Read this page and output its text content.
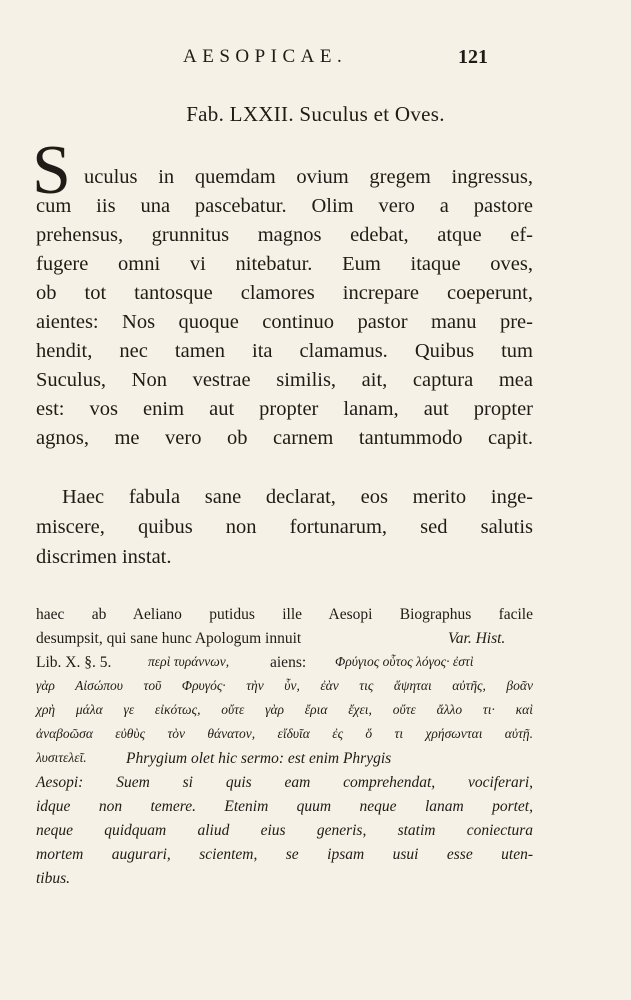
AESOPICAE.	121
Fab. LXXII. Suculus et Oves.
S uculus in quemdam ovium gregem ingressus,
cum iis una pascebatur. Olim vero a pastore
prehensus, grunnitus magnos edebat, atque ef-
fugere omni vi nitebatur. Eum itaque oves,
ob tot tantosque clamores increpare coeperunt,
aientes: Nos quoque continuo pastor manu pre-
hendit, nec tamen ita clamamus. Quibus tum
Suculus, Non vestrae similis, ait, captura mea
est: vos enim aut propter lanam, aut propter
agnos, me vero ob carnem tantummodo capit.
Haec fabula sane declarat, eos merito inge-
miscere, quibus non fortunarum, sed salutis
discrimen instat.
haec ab Aeliano putidus ille Aesopi Biographus facile
desumpsit, qui sane hunc Apologum innuit	Var. Hist.
Lib. X. §. 5.	περὶ τυράννων,	aiens: Φρύγιος οὗτος λόγος· ἐστὶ
γὰρ Αἰσώπου τοῦ Φρυγός· τὴν ὗν, ἐὰν τις ἅψηται αὐτῆς, βοᾶν
χρὴ μάλα γε εἰκότως, οὔτε γὰρ ἔρια ἔχει, οὔτε ἄλλο τι· καὶ
ἀναβοῶσα εὐθὺς τὸν θάνατον, εἴδυῖα ἐς ὅ τι χρήσωνται αὐτῇ.
λυσιτελεῖ.	Phrygium olet hic sermo: est enim Phrygis
Aesopi: Suem si quis eam comprehendat, vociferari,
idque non temere. Etenim quum neque lanam portet,
neque quidquam aliud eius generis, statim coniectura
mortem augurari, scientem, se ipsam usui esse uten-
tibus.
